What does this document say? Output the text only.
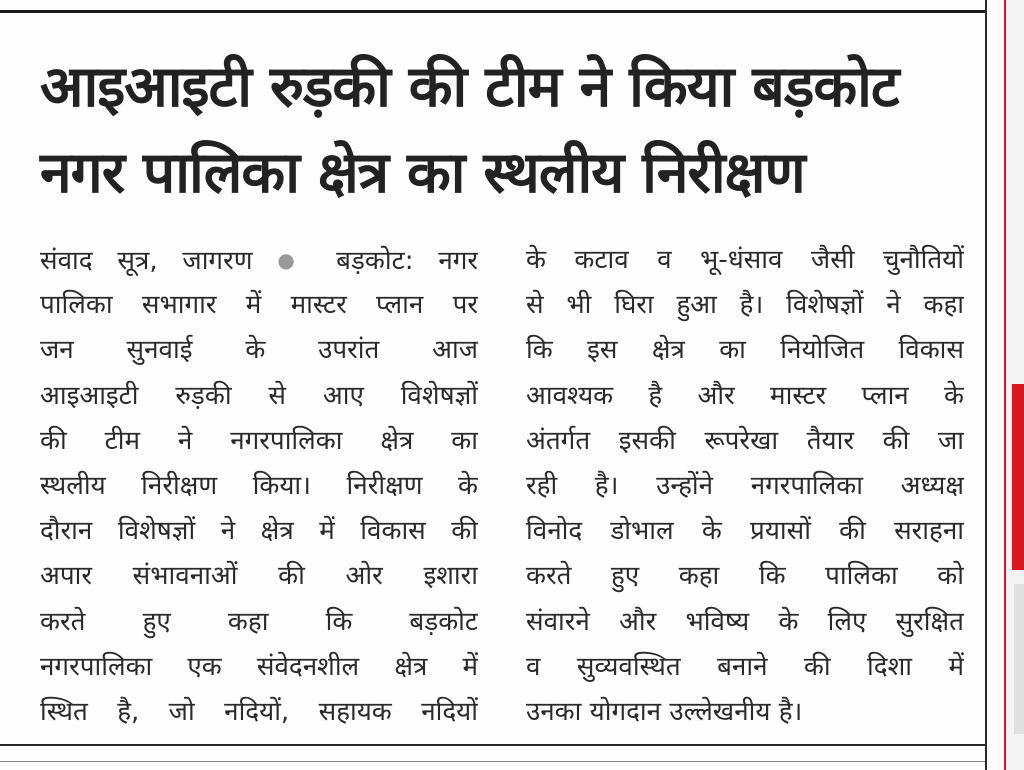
आइआइटी रुड़की की टीम ने किया बड़कोट
नगर पालिका क्षेत्र का स्थलीय निरीक्षण
संवाद सूत्र, जागरण ● बड़कोट: नगर
पालिका सभागार में मास्टर प्लान पर
जन सुनवाई के उपरांत आज
आइआइटी रुड़की से आए विशेषज्ञों
की टीम ने नगरपालिका क्षेत्र का
स्थलीय निरीक्षण किया। निरीक्षण के
दौरान विशेषज्ञों ने क्षेत्र में विकास की
अपार संभावनाओं की ओर इशारा
करते हुए कहा कि बड़कोट
नगरपालिका एक संवेदनशील क्षेत्र में
स्थित है, जो नदियों, सहायक नदियों
के कटाव व भू-धंसाव जैसी चुनौतियों
से भी घिरा हुआ है। विशेषज्ञों ने कहा
कि इस क्षेत्र का नियोजित विकास
आवश्यक है और मास्टर प्लान के
अंतर्गत इसकी रूपरेखा तैयार की जा
रही है। उन्होंने नगरपालिका अध्यक्ष
विनोद डोभाल के प्रयासों की सराहना
करते हुए कहा कि पालिका को
संवारने और भविष्य के लिए सुरक्षित
व सुव्यवस्थित बनाने की दिशा में
उनका योगदान उल्लेखनीय है।
